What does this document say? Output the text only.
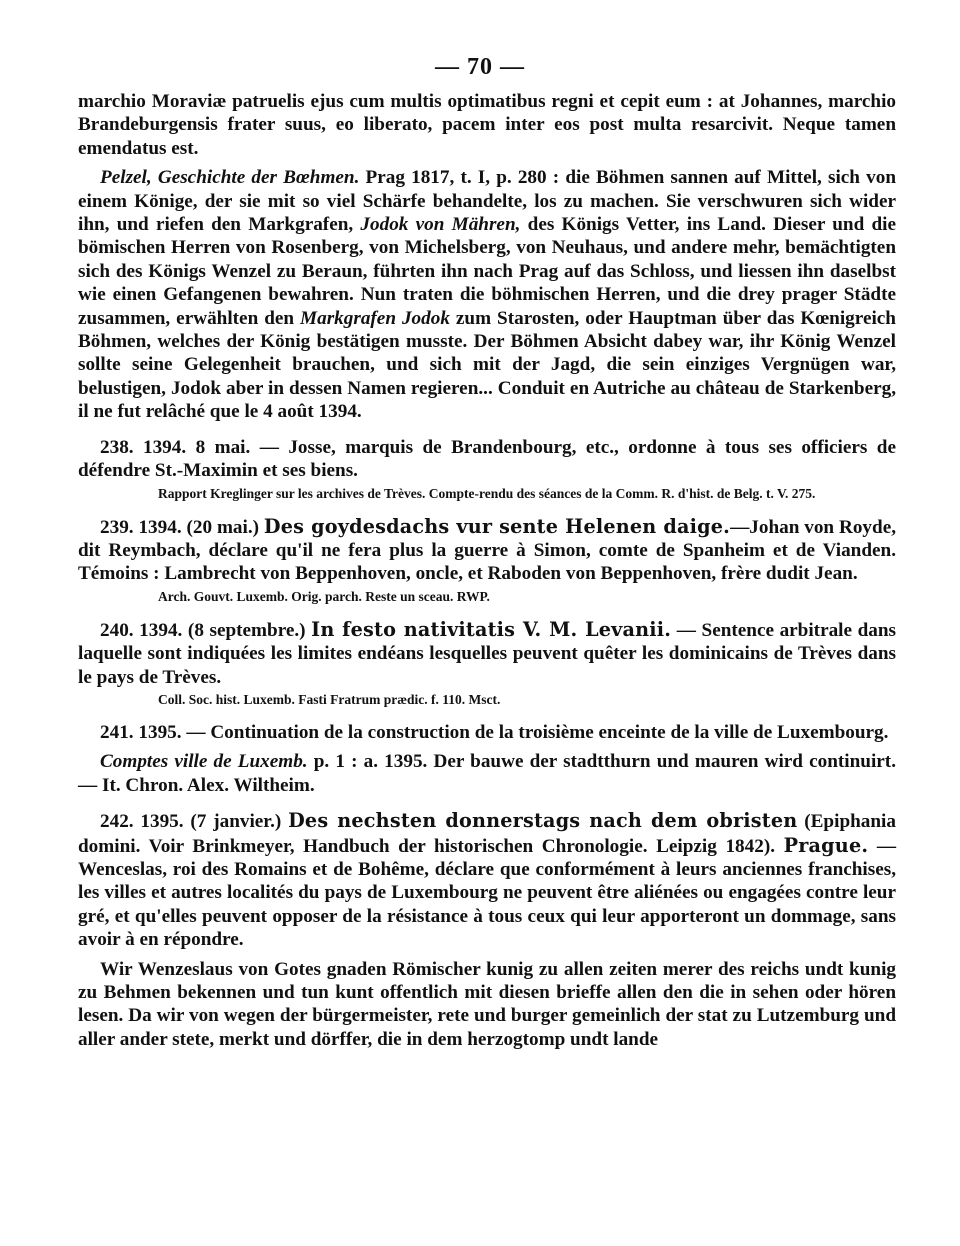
— 70 —

marchio Moraviæ patruelis ejus cum multis optimatibus regni et cepit eum : at Johannes, marchio Brandeburgensis frater suus, eo liberato, pacem inter eos post multa resarcivit. Neque tamen emendatus est.

Pelzel, Geschichte der Bœhmen. Prag 1817, t. I, p. 280 : die Böhmen sannen auf Mittel, sich von einem Könige, der sie mit so viel Schärfe behandelte, los zu machen. Sie verschwuren sich wider ihn, und riefen den Markgrafen, Jodok von Mähren, des Königs Vetter, ins Land. Dieser und die bömischen Herren von Rosenberg, von Michelsberg, von Neuhaus, und andere mehr, bemächtigten sich des Königs Wenzel zu Beraun, führten ihn nach Prag auf das Schloss, und liessen ihn daselbst wie einen Gefangenen bewahren. Nun traten die böhmischen Herren, und die drey prager Städte zusammen, erwählten den Markgrafen Jodok zum Starosten, oder Hauptman über das Kœnigreich Böhmen, welches der König bestätigen musste. Der Böhmen Absicht dabey war, ihr König Wenzel sollte seine Gelegenheit brauchen, und sich mit der Jagd, die sein einziges Vergnügen war, belustigen, Jodok aber in dessen Namen regieren... Conduit en Autriche au château de Starkenberg, il ne fut relâché que le 4 août 1394.

238. 1394. 8 mai. — Josse, marquis de Brandenbourg, etc., ordonne à tous ses officiers de défendre St.-Maximin et ses biens.

Rapport Kreglinger sur les archives de Trèves. Compte-rendu des séances de la Comm. R. d'hist. de Belg. t. V. 275.

239. 1394. (20 mai.) Des goydesdachs vur sente Helenen daige.—Johan von Royde, dit Reymbach, déclare qu'il ne fera plus la guerre à Simon, comte de Spanheim et de Vianden. Témoins : Lambrecht von Beppenhoven, oncle, et Raboden von Beppenhoven, frère dudit Jean.

Arch. Gouvt. Luxemb. Orig. parch. Reste un sceau. RWP.

240. 1394. (8 septembre.) In festo nativitatis V. M. Levanii. — Sentence arbitrale dans laquelle sont indiquées les limites endéans lesquelles peuvent quêter les dominicains de Trèves dans le pays de Trèves.

Coll. Soc. hist. Luxemb. Fasti Fratrum prædic. f. 110. Msct.

241. 1395. — Continuation de la construction de la troisième enceinte de la ville de Luxembourg.

Comptes ville de Luxemb. p. 1 : a. 1395. Der bauwe der stadtthurn und mauren wird continuirt. — It. Chron. Alex. Wiltheim.

242. 1395. (7 janvier.) Des nechsten donnerstags nach dem obristen (Epiphania domini. Voir Brinkmeyer, Handbuch der historischen Chronologie. Leipzig 1842). Prague. — Wenceslas, roi des Romains et de Bohême, déclare que conformément à leurs anciennes franchises, les villes et autres localités du pays de Luxembourg ne peuvent être aliénées ou engagées contre leur gré, et qu'elles peuvent opposer de la résistance à tous ceux qui leur apporteront un dommage, sans avoir à en répondre.

Wir Wenzeslaus von Gotes gnaden Römischer kunig zu allen zeiten merer des reichs undt kunig zu Behmen bekennen und tun kunt offentlich mit diesen brieffe allen den die in sehen oder hören lesen. Da wir von wegen der bürgermeister, rete und burger gemeinlich der stat zu Lutzemburg und aller ander stete, merkt und dörffer, die in dem herzogtomp undt lande
